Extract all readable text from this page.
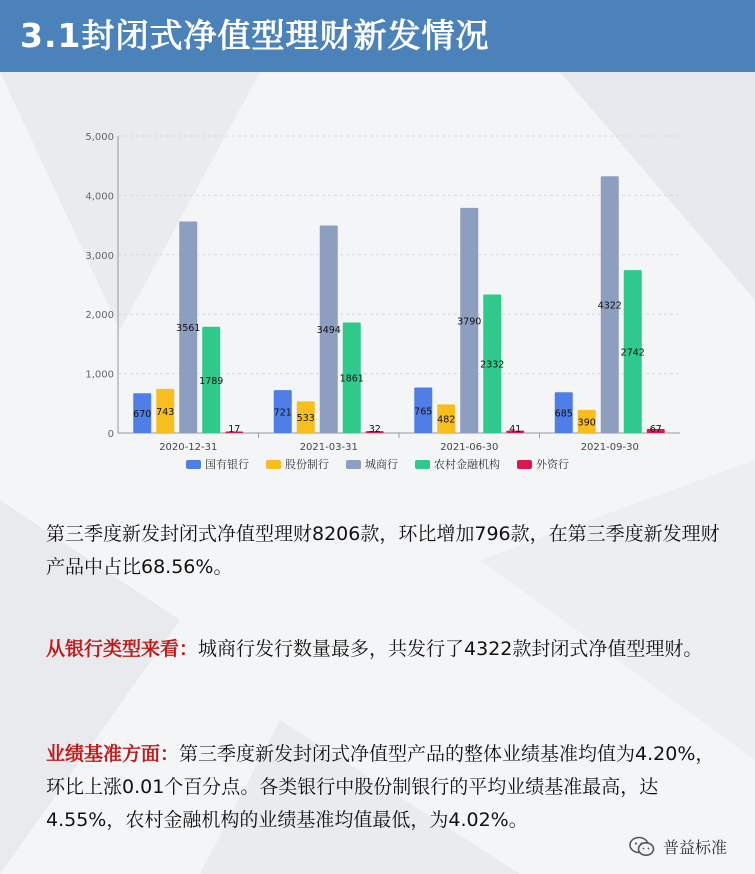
3.1封闭式净值型理财新发情况
0
1,000
2,000
3,000
4,000
5,000
2020-12-31
670 743
3561
1789
17
2021-03-31
721
533
3494
1861
32
2021-06-30
765
482
3790
2332
41
2021-09-30
685
390
4322
2742
67
国有银行	股份制行	城商行	农村金融机构	外资行
第三季度新发封闭式净值型理财8206款，环比增加796款，在第三季度新发理财产品中占比68.56%。
从银行类型来看：城商行发行数量最多，共发行了4322款封闭式净值型理财。
业绩基准方面：第三季度新发封闭式净值型产品的整体业绩基准均值为4.20%，环比上涨0.01个百分点。各类银行中股份制银行的平均业绩基准最高，达4.55%，农村金融机构的业绩基准均值最低，为4.02%。
普益标准
